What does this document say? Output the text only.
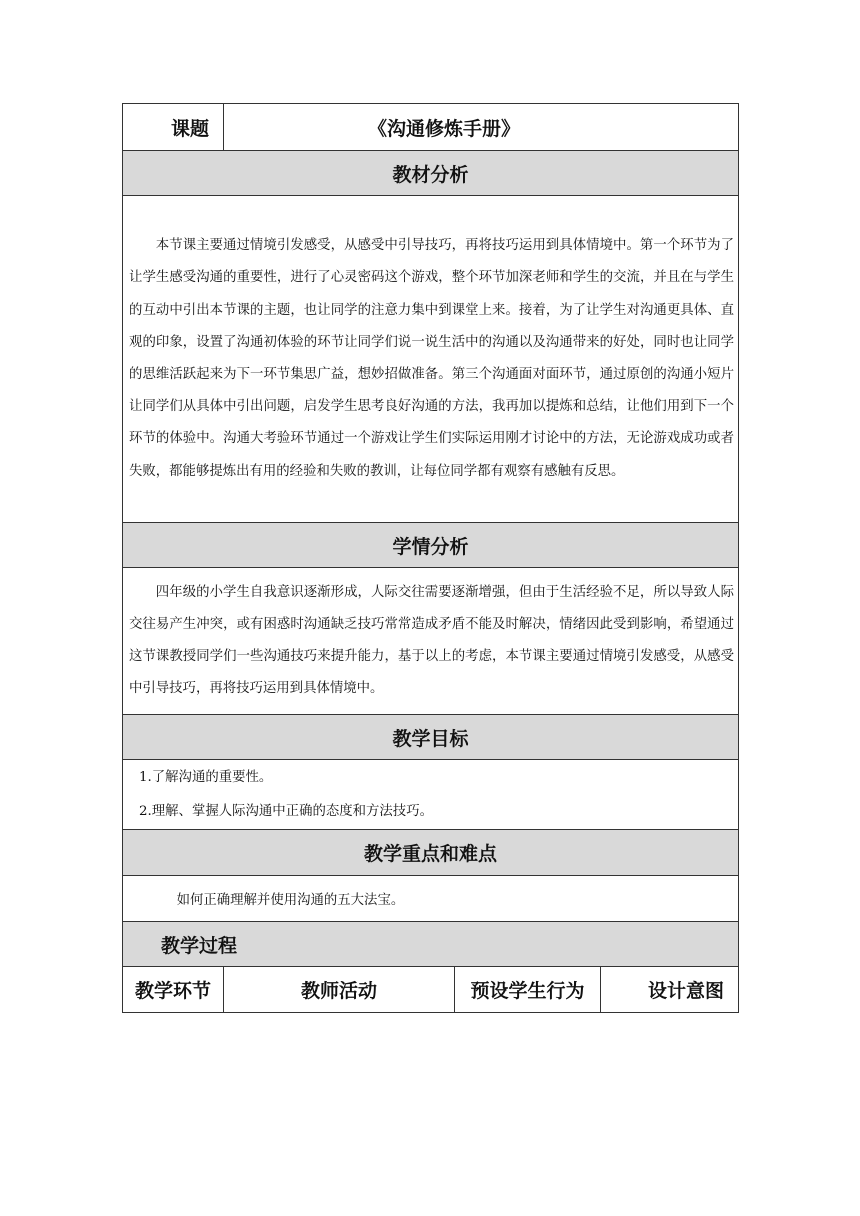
课题	《沟通修炼手册》		
教材分析			
本节课主要通过情境引发感受，从感受中引导技巧，再将技巧运用到具体情境中。第一个环节为了让学生感受沟通的重要性，进行了心灵密码这个游戏，整个环节加深老师和学生的交流，并且在与学生的互动中引出本节课的主题，也让同学的注意力集中到课堂上来。接着，为了让学生对沟通更具体、直观的印象，设置了沟通初体验的环节让同学们说一说生活中的沟通以及沟通带来的好处，同时也让同学的思维活跃起来为下一环节集思广益，想妙招做准备。第三个沟通面对面环节，通过原创的沟通小短片让同学们从具体中引出问题，启发学生思考良好沟通的方法，我再加以提炼和总结，让他们用到下一个环节的体验中。沟通大考验环节通过一个游戏让学生们实际运用刚才讨论中的方法，无论游戏成功或者失败，都能够提炼出有用的经验和失败的教训，让每位同学都有观察有感触有反思。			
学情分析			
四年级的小学生自我意识逐渐形成，人际交往需要逐渐增强，但由于生活经验不足，所以导致人际交往易产生冲突，或有困惑时沟通缺乏技巧常常造成矛盾不能及时解决，情绪因此受到影响，希望通过这节课教授同学们一些沟通技巧来提升能力，基于以上的考虑，本节课主要通过情境引发感受，从感受中引导技巧，再将技巧运用到具体情境中。			
教学目标			

1.了解沟通的重要性。
2.理解、掌握人际沟通中正确的态度和方法技巧。			

教学重点和难点			
如何正确理解并使用沟通的五大法宝。			
教学过程			
教学环节	教师活动	预设学生行为	设计意图
